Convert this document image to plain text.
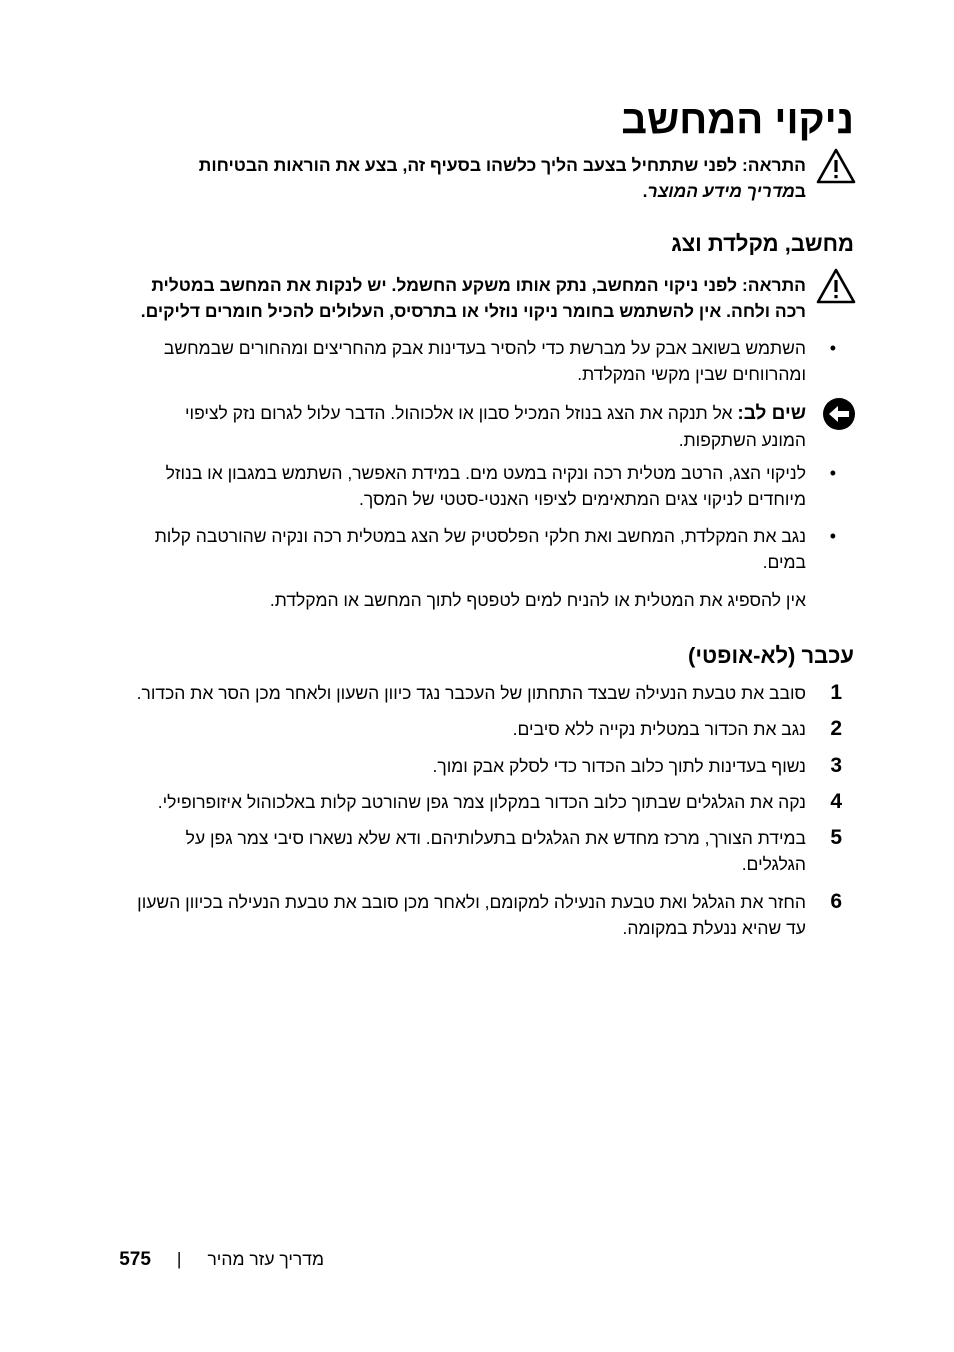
ניקוי המחשב
התראה: לפני שתתחיל בצעב הליך כלשהו בסעיף זה, בצע את הוראות הבטיחות
במדריך מידע המוצר.
מחשב, מקלדת וצג
התראה: לפני ניקוי המחשב, נתק אותו משקע החשמל. יש לנקות את המחשב במטלית
רכה ולחה. אין להשתמש בחומר ניקוי נוזלי או בתרסיס, העלולים להכיל חומרים דליקים.
•
השתמש בשואב אבק על מברשת כדי להסיר בעדינות אבק מהחריצים ומהחורים שבמחשב
ומהרווחים שבין מקשי המקלדת.
שים לב: אל תנקה את הצג בנוזל המכיל סבון או אלכוהול. הדבר עלול לגרום נזק לציפוי
המונע השתקפות.
•
לניקוי הצג, הרטב מטלית רכה ונקיה במעט מים. במידת האפשר, השתמש במגבון או בנוזל
מיוחדים לניקוי צגים המתאימים לציפוי האנטי-סטטי של המסך.
•
נגב את המקלדת, המחשב ואת חלקי הפלסטיק של הצג במטלית רכה ונקיה שהורטבה קלות
במים.
אין להספיג את המטלית או להניח למים לטפטף לתוך המחשב או המקלדת.
עכבר (לא-אופטי)
1
סובב את טבעת הנעילה שבצד התחתון של העכבר נגד כיוון השעון ולאחר מכן הסר את הכדור.
2
נגב את הכדור במטלית נקייה ללא סיבים.
3
נשוף בעדינות לתוך כלוב הכדור כדי לסלק אבק ומוך.
4
נקה את הגלגלים שבתוך כלוב הכדור במקלון צמר גפן שהורטב קלות באלכוהול איזופרופילי.
5
במידת הצורך, מרכז מחדש את הגלגלים בתעלותיהם. ודא שלא נשארו סיבי צמר גפן על
הגלגלים.
6
החזר את הגלגל ואת טבעת הנעילה למקומם, ולאחר מכן סובב את טבעת הנעילה בכיוון השעון
עד שהיא ננעלת במקומה.
מדריך עזר מהיר|575
